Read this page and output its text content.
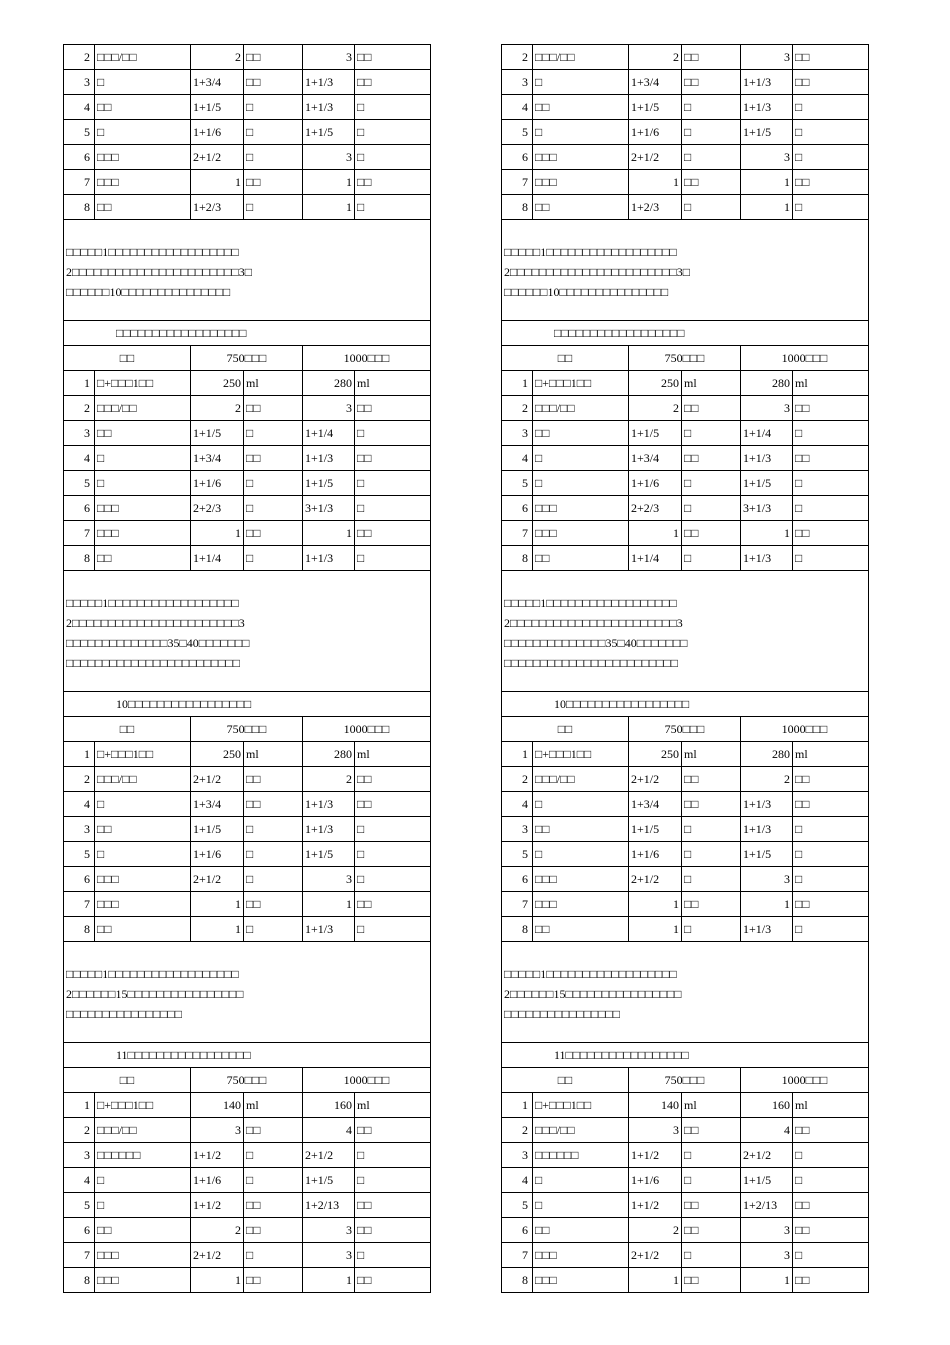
2	□□□/□□	2	□□	3	□□
3	□	1+3/4	□□	1+1/3	□□
4	□□	1+1/5	□	1+1/3	□
5	□	1+1/6	□	1+1/5	□
6	□□□	2+1/2	□	3	□
7	□□□	1	□□	1	□□
8	□□	1+2/3	□	1	□

□□□□□1□□□□□□□□□□□□□□□□□□
2□□□□□□□□□□□□□□□□□□□□□□□3□
□□□□□□10□□□□□□□□□□□□□□□					

□□□□□□□□□□□□□□□□□□					
□□		750□□□		1000□□□	
1	□+□□□1□□	250	ml	280	ml
2	□□□/□□	2	□□	3	□□
3	□□	1+1/5	□	1+1/4	□
4	□	1+3/4	□□	1+1/3	□□
5	□	1+1/6	□	1+1/5	□
6	□□□	2+2/3	□	3+1/3	□
7	□□□	1	□□	1	□□
8	□□	1+1/4	□	1+1/3	□

□□□□□1□□□□□□□□□□□□□□□□□□
2□□□□□□□□□□□□□□□□□□□□□□□3
□□□□□□□□□□□□□□35□40□□□□□□□
□□□□□□□□□□□□□□□□□□□□□□□□					

10□□□□□□□□□□□□□□□□□					
□□		750□□□		1000□□□	
1	□+□□□1□□	250	ml	280	ml
2	□□□/□□	2+1/2	□□	2	□□
4	□	1+3/4	□□	1+1/3	□□
3	□□	1+1/5	□	1+1/3	□
5	□	1+1/6	□	1+1/5	□
6	□□□	2+1/2	□	3	□
7	□□□	1	□□	1	□□
8	□□	1	□	1+1/3	□

□□□□□1□□□□□□□□□□□□□□□□□□
2□□□□□□15□□□□□□□□□□□□□□□□
□□□□□□□□□□□□□□□□					

11□□□□□□□□□□□□□□□□□					
□□		750□□□		1000□□□	
1	□+□□□1□□	140	ml	160	ml
2	□□□/□□	3	□□	4	□□
3	□□□□□□	1+1/2	□	2+1/2	□
4	□	1+1/6	□	1+1/5	□
5	□	1+1/2	□□	1+2/13	□□
6	□□	2	□□	3	□□
7	□□□	2+1/2	□	3	□
8	□□□	1	□□	1	□□
2	□□□/□□	2	□□	3	□□
3	□	1+3/4	□□	1+1/3	□□
4	□□	1+1/5	□	1+1/3	□
5	□	1+1/6	□	1+1/5	□
6	□□□	2+1/2	□	3	□
7	□□□	1	□□	1	□□
8	□□	1+2/3	□	1	□

□□□□□1□□□□□□□□□□□□□□□□□□
2□□□□□□□□□□□□□□□□□□□□□□□3□
□□□□□□10□□□□□□□□□□□□□□□					

□□□□□□□□□□□□□□□□□□					
□□		750□□□		1000□□□	
1	□+□□□1□□	250	ml	280	ml
2	□□□/□□	2	□□	3	□□
3	□□	1+1/5	□	1+1/4	□
4	□	1+3/4	□□	1+1/3	□□
5	□	1+1/6	□	1+1/5	□
6	□□□	2+2/3	□	3+1/3	□
7	□□□	1	□□	1	□□
8	□□	1+1/4	□	1+1/3	□

□□□□□1□□□□□□□□□□□□□□□□□□
2□□□□□□□□□□□□□□□□□□□□□□□3
□□□□□□□□□□□□□□35□40□□□□□□□
□□□□□□□□□□□□□□□□□□□□□□□□					

10□□□□□□□□□□□□□□□□□					
□□		750□□□		1000□□□	
1	□+□□□1□□	250	ml	280	ml
2	□□□/□□	2+1/2	□□	2	□□
4	□	1+3/4	□□	1+1/3	□□
3	□□	1+1/5	□	1+1/3	□
5	□	1+1/6	□	1+1/5	□
6	□□□	2+1/2	□	3	□
7	□□□	1	□□	1	□□
8	□□	1	□	1+1/3	□

□□□□□1□□□□□□□□□□□□□□□□□□
2□□□□□□15□□□□□□□□□□□□□□□□
□□□□□□□□□□□□□□□□					

11□□□□□□□□□□□□□□□□□					
□□		750□□□		1000□□□	
1	□+□□□1□□	140	ml	160	ml
2	□□□/□□	3	□□	4	□□
3	□□□□□□	1+1/2	□	2+1/2	□
4	□	1+1/6	□	1+1/5	□
5	□	1+1/2	□□	1+2/13	□□
6	□□	2	□□	3	□□
7	□□□	2+1/2	□	3	□
8	□□□	1	□□	1	□□
